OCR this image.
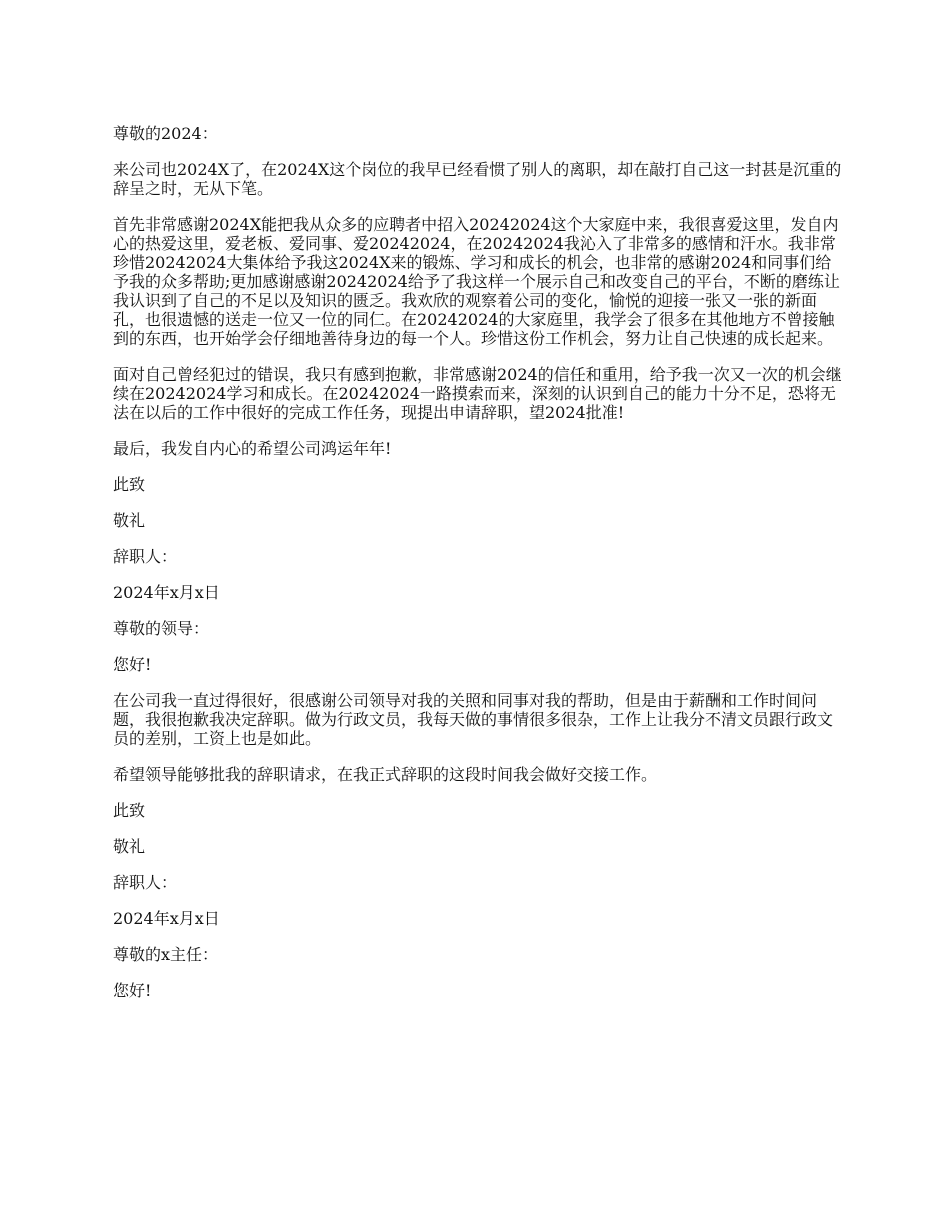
尊敬的2024：

来公司也2024X了，在2024X这个岗位的我早已经看惯了别人的离职，却在敲打自己这一封甚是沉重的辞呈之时，无从下笔。

首先非常感谢2024X能把我从众多的应聘者中招入20242024这个大家庭中来，我很喜爱这里，发自内心的热爱这里，爱老板、爱同事、爱20242024，在20242024我沁入了非常多的感情和汗水。我非常珍惜20242024大集体给予我这2024X来的锻炼、学习和成长的机会，也非常的感谢2024和同事们给予我的众多帮助;更加感谢感谢20242024给予了我这样一个展示自己和改变自己的平台，不断的磨练让我认识到了自己的不足以及知识的匮乏。我欢欣的观察着公司的变化，愉悦的迎接一张又一张的新面孔，也很遗憾的送走一位又一位的同仁。在20242024的大家庭里，我学会了很多在其他地方不曾接触到的东西，也开始学会仔细地善待身边的每一个人。珍惜这份工作机会，努力让自己快速的成长起来。

面对自己曾经犯过的错误，我只有感到抱歉，非常感谢2024的信任和重用，给予我一次又一次的机会继续在20242024学习和成长。在20242024一路摸索而来，深刻的认识到自己的能力十分不足，恐将无法在以后的工作中很好的完成工作任务，现提出申请辞职，望2024批准!

最后，我发自内心的希望公司鸿运年年!

此致

敬礼

辞职人：

2024年x月x日

尊敬的领导：

您好!

在公司我一直过得很好，很感谢公司领导对我的关照和同事对我的帮助，但是由于薪酬和工作时间问题，我很抱歉我决定辞职。做为行政文员，我每天做的事情很多很杂，工作上让我分不清文员跟行政文员的差别，工资上也是如此。

希望领导能够批我的辞职请求，在我正式辞职的这段时间我会做好交接工作。

此致

敬礼

辞职人：

2024年x月x日

尊敬的x主任：

您好!
